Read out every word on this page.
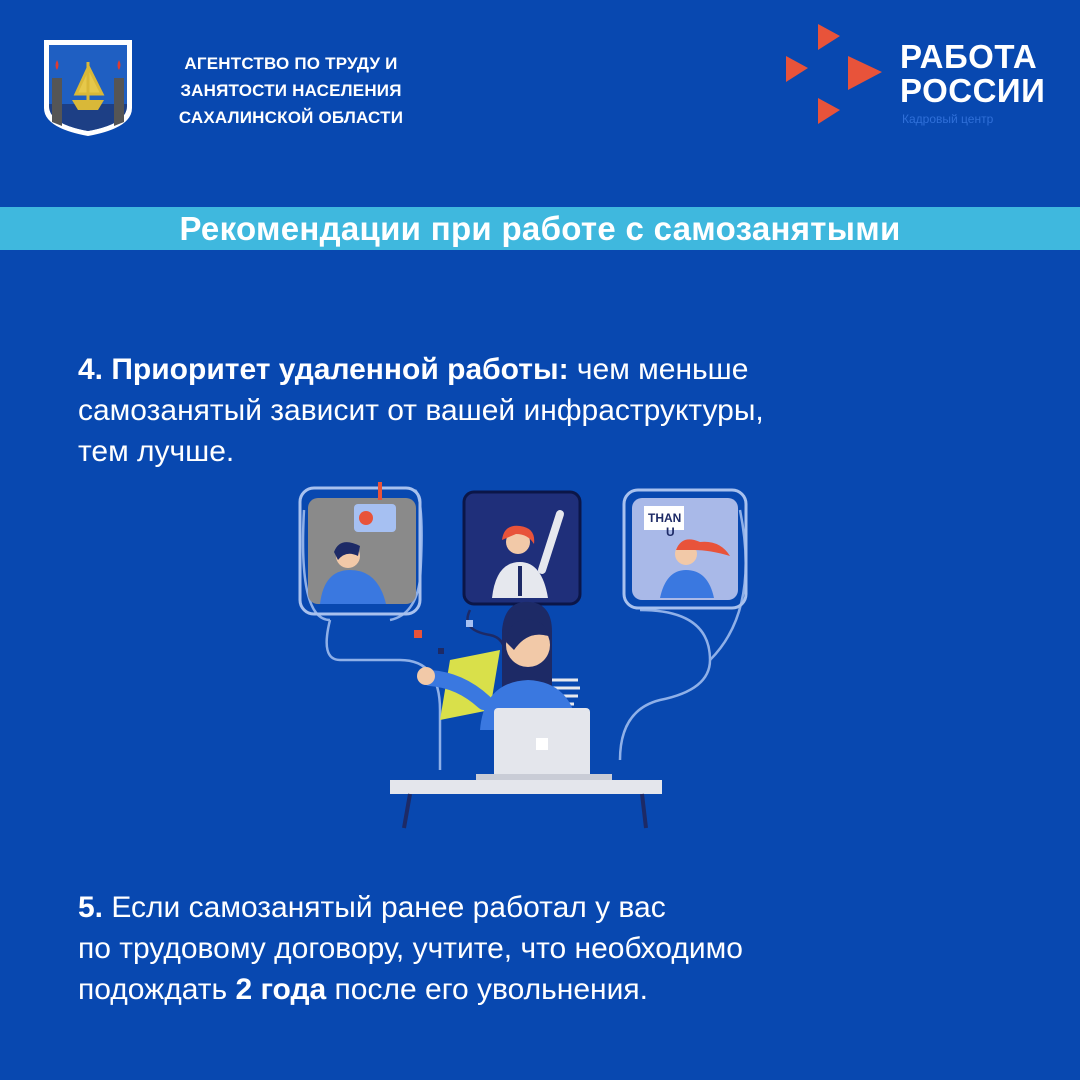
АГЕНТСТВО ПО ТРУДУ И
ЗАНЯТОСТИ НАСЕЛЕНИЯ
САХАЛИНСКОЙ ОБЛАСТИ
РАБОТА
РОССИИ
Кадровый центр
Рекомендации при работе с самозанятыми
4. Приоритет удаленной работы: чем меньше
самозанятый зависит от вашей инфраструктуры,
тем лучше.
THAN
U
5. Если самозанятый ранее работал у вас
по трудовому договору, учтите, что необходимо
подождать 2 года после его увольнения.
